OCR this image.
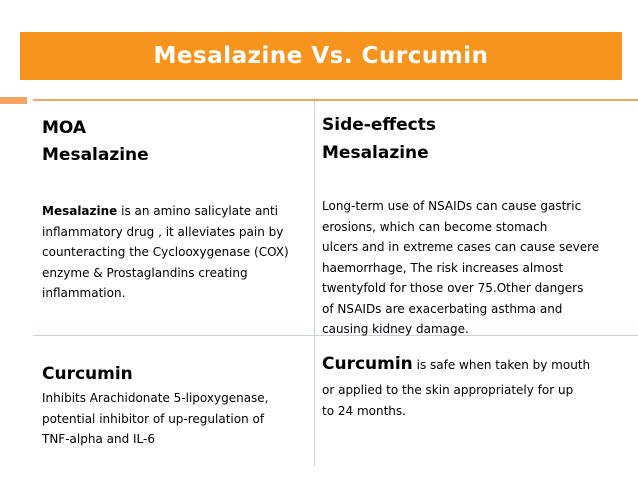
Mesalazine Vs. Curcumin
MOA
Mesalazine
Mesalazine is an amino salicylate anti
inflammatory drug , it alleviates pain by
counteracting the Cyclooxygenase (COX)
enzyme & Prostaglandins creating
inflammation.
Side-effects
Mesalazine
Long-term use of NSAIDs can cause gastric
erosions, which can become stomach
ulcers and in extreme cases can cause severe
haemorrhage, The risk increases almost
twentyfold for those over 75.Other dangers
of NSAIDs are exacerbating asthma and
causing kidney damage.
Curcumin
Inhibits Arachidonate 5-lipoxygenase,
potential inhibitor of up-regulation of
TNF-alpha and IL-6
Curcumin is safe when taken by mouth
or applied to the skin appropriately for up
to 24 months.
